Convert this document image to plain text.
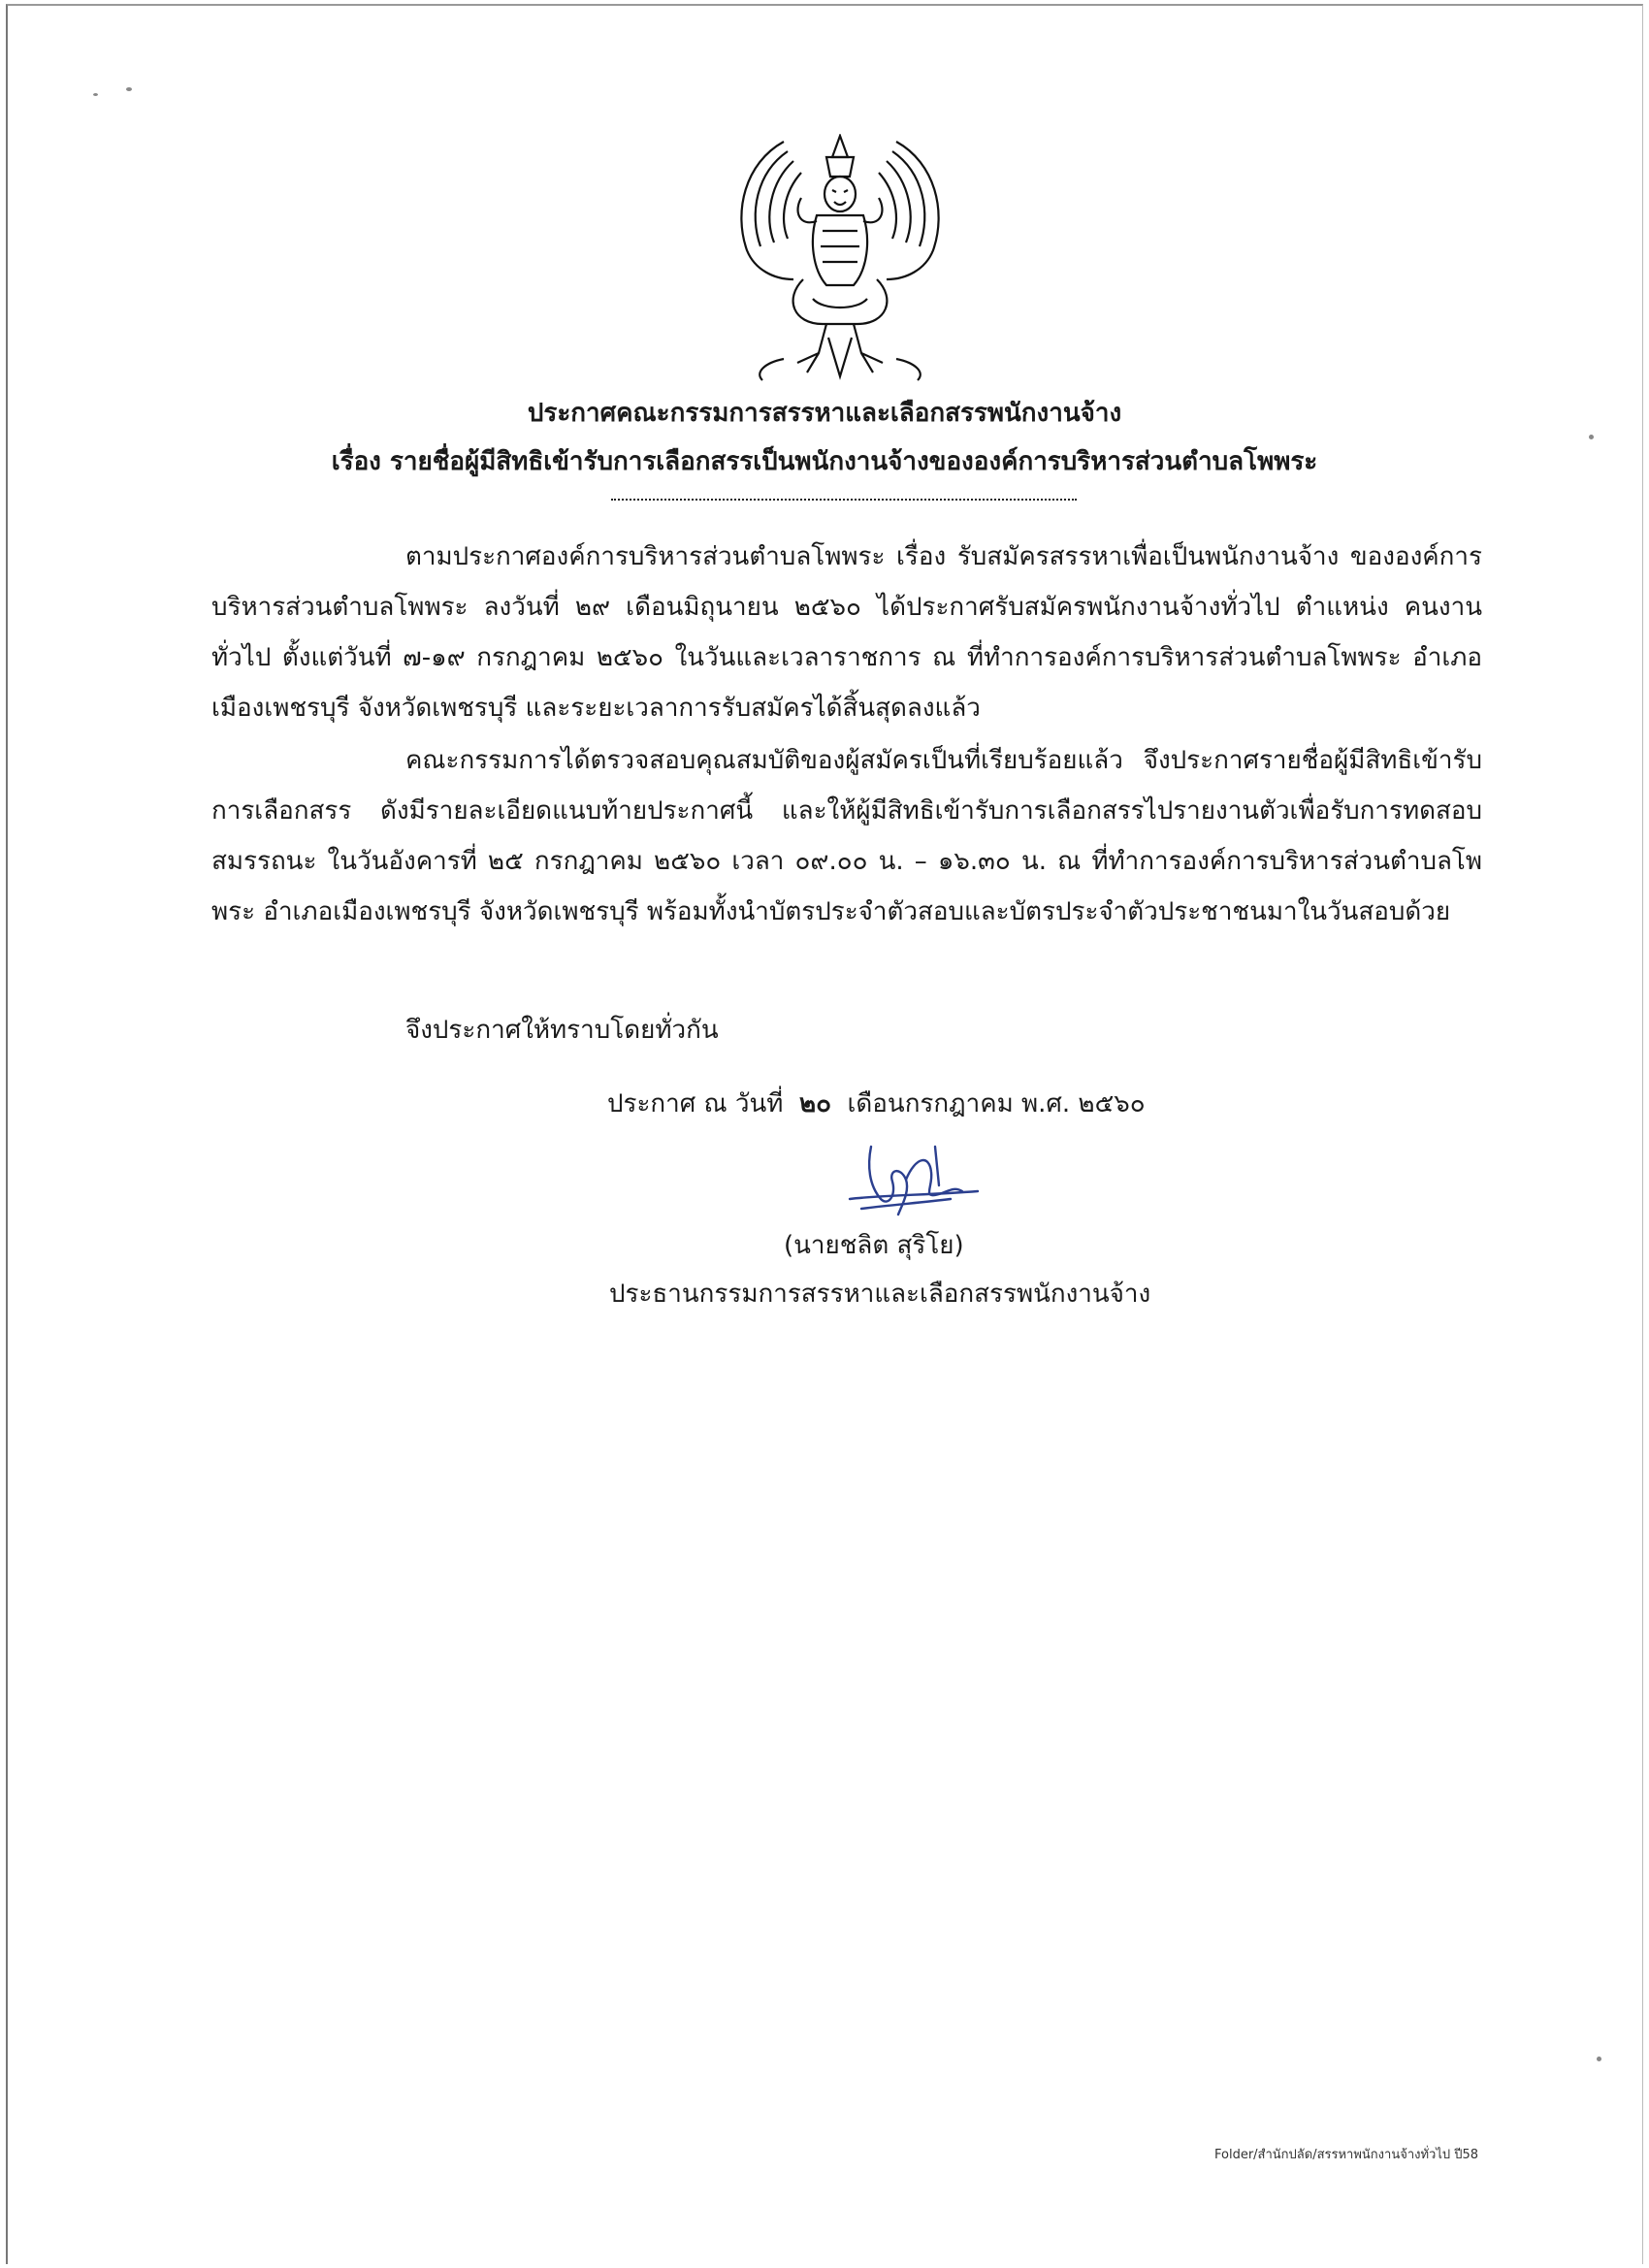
ประกาศคณะกรรมการสรรหาและเลือกสรรพนักงานจ้าง
เรื่อง รายชื่อผู้มีสิทธิเข้ารับการเลือกสรรเป็นพนักงานจ้างขององค์การบริหารส่วนตำบลโพพระ
ตามประกาศองค์การบริหารส่วนตำบลโพพระ เรื่อง รับสมัครสรรหาเพื่อเป็นพนักงานจ้าง ขององค์การบริหารส่วนตำบลโพพระ ลงวันที่ ๒๙ เดือนมิถุนายน ๒๕๖๐ ได้ประกาศรับสมัครพนักงานจ้างทั่วไป ตำแหน่ง คนงานทั่วไป ตั้งแต่วันที่ ๗-๑๙ กรกฎาคม ๒๕๖๐ ในวันและเวลาราชการ ณ ที่ทำการองค์การบริหารส่วนตำบลโพพระ อำเภอเมืองเพชรบุรี จังหวัดเพชรบุรี และระยะเวลาการรับสมัครได้สิ้นสุดลงแล้ว
คณะกรรมการได้ตรวจสอบคุณสมบัติของผู้สมัครเป็นที่เรียบร้อยแล้ว จึงประกาศรายชื่อผู้มีสิทธิเข้ารับการเลือกสรร ดังมีรายละเอียดแนบท้ายประกาศนี้ และให้ผู้มีสิทธิเข้ารับการเลือกสรรไปรายงานตัวเพื่อรับการทดสอบสมรรถนะ ในวันอังคารที่ ๒๕ กรกฎาคม ๒๕๖๐ เวลา ๐๙.๐๐ น. – ๑๖.๓๐ น. ณ ที่ทำการองค์การบริหารส่วนตำบลโพพระ อำเภอเมืองเพชรบุรี จังหวัดเพชรบุรี พร้อมทั้งนำบัตรประจำตัวสอบและบัตรประจำตัวประชาชนมาในวันสอบด้วย
จึงประกาศให้ทราบโดยทั่วกัน
ประกาศ ณ วันที่ ๒๐ เดือนกรกฎาคม พ.ศ. ๒๕๖๐
(นายชลิต สุริโย)
ประธานกรรมการสรรหาและเลือกสรรพนักงานจ้าง
Folder/สำนักปลัด/สรรหาพนักงานจ้างทั่วไป ปี58
